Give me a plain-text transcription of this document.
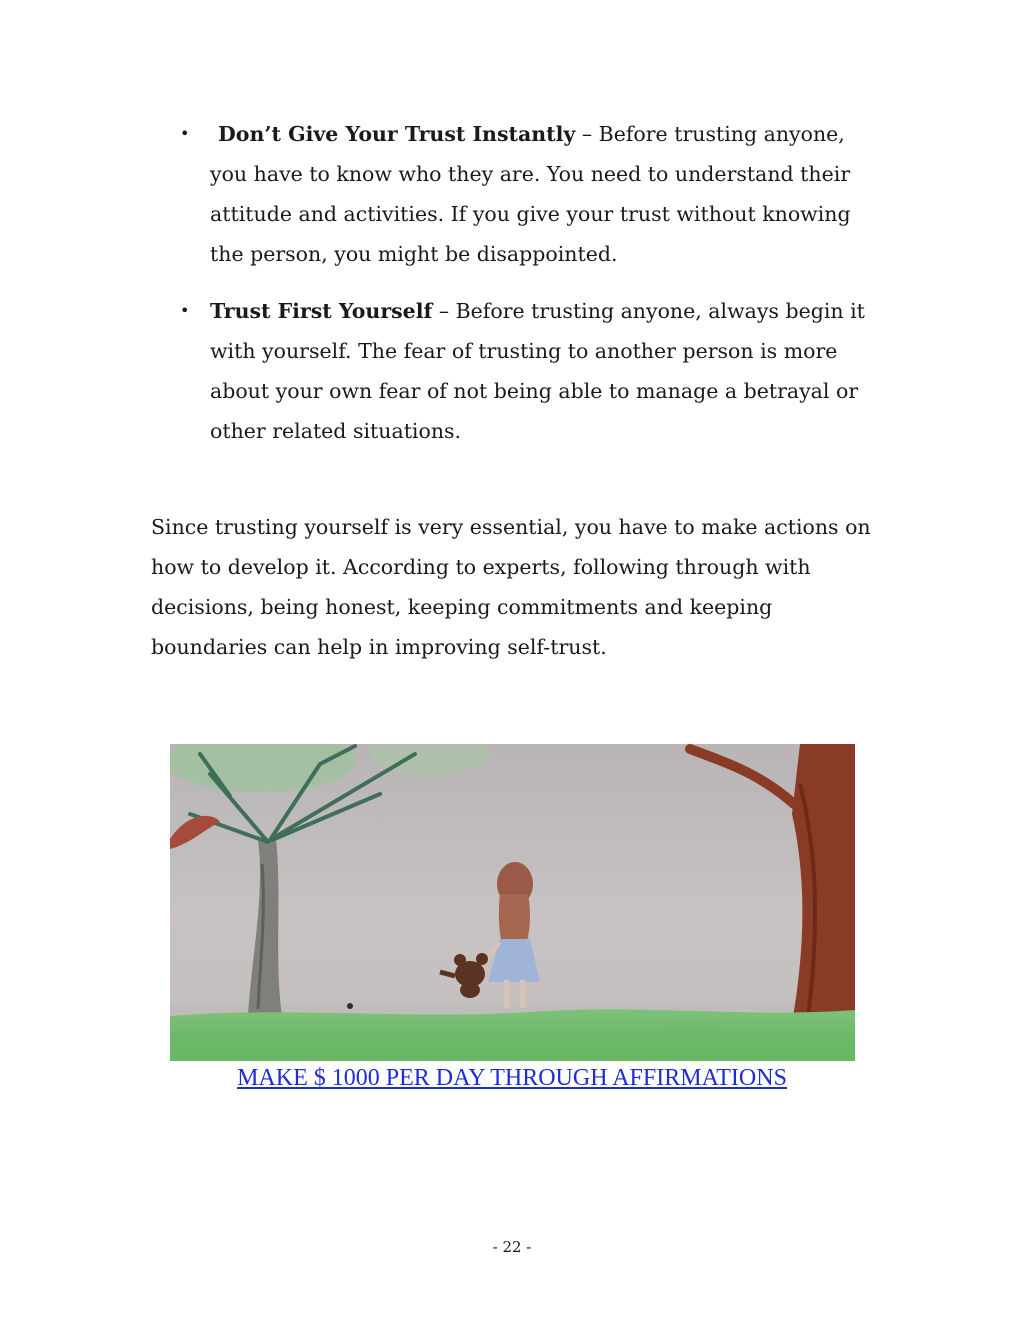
• Don’t Give Your Trust Instantly – Before trusting anyone, you have to know who they are. You need to understand their attitude and activities. If you give your trust without knowing the person, you might be disappointed.
• Trust First Yourself – Before trusting anyone, always begin it with yourself. The fear of trusting to another person is more about your own fear of not being able to manage a betrayal or other related situations.

Since trusting yourself is very essential, you have to make actions on how to develop it. According to experts, following through with decisions, being honest, keeping commitments and keeping boundaries can help in improving self-trust.

MAKE $ 1000 PER DAY THROUGH AFFIRMATIONS
- 22 -
